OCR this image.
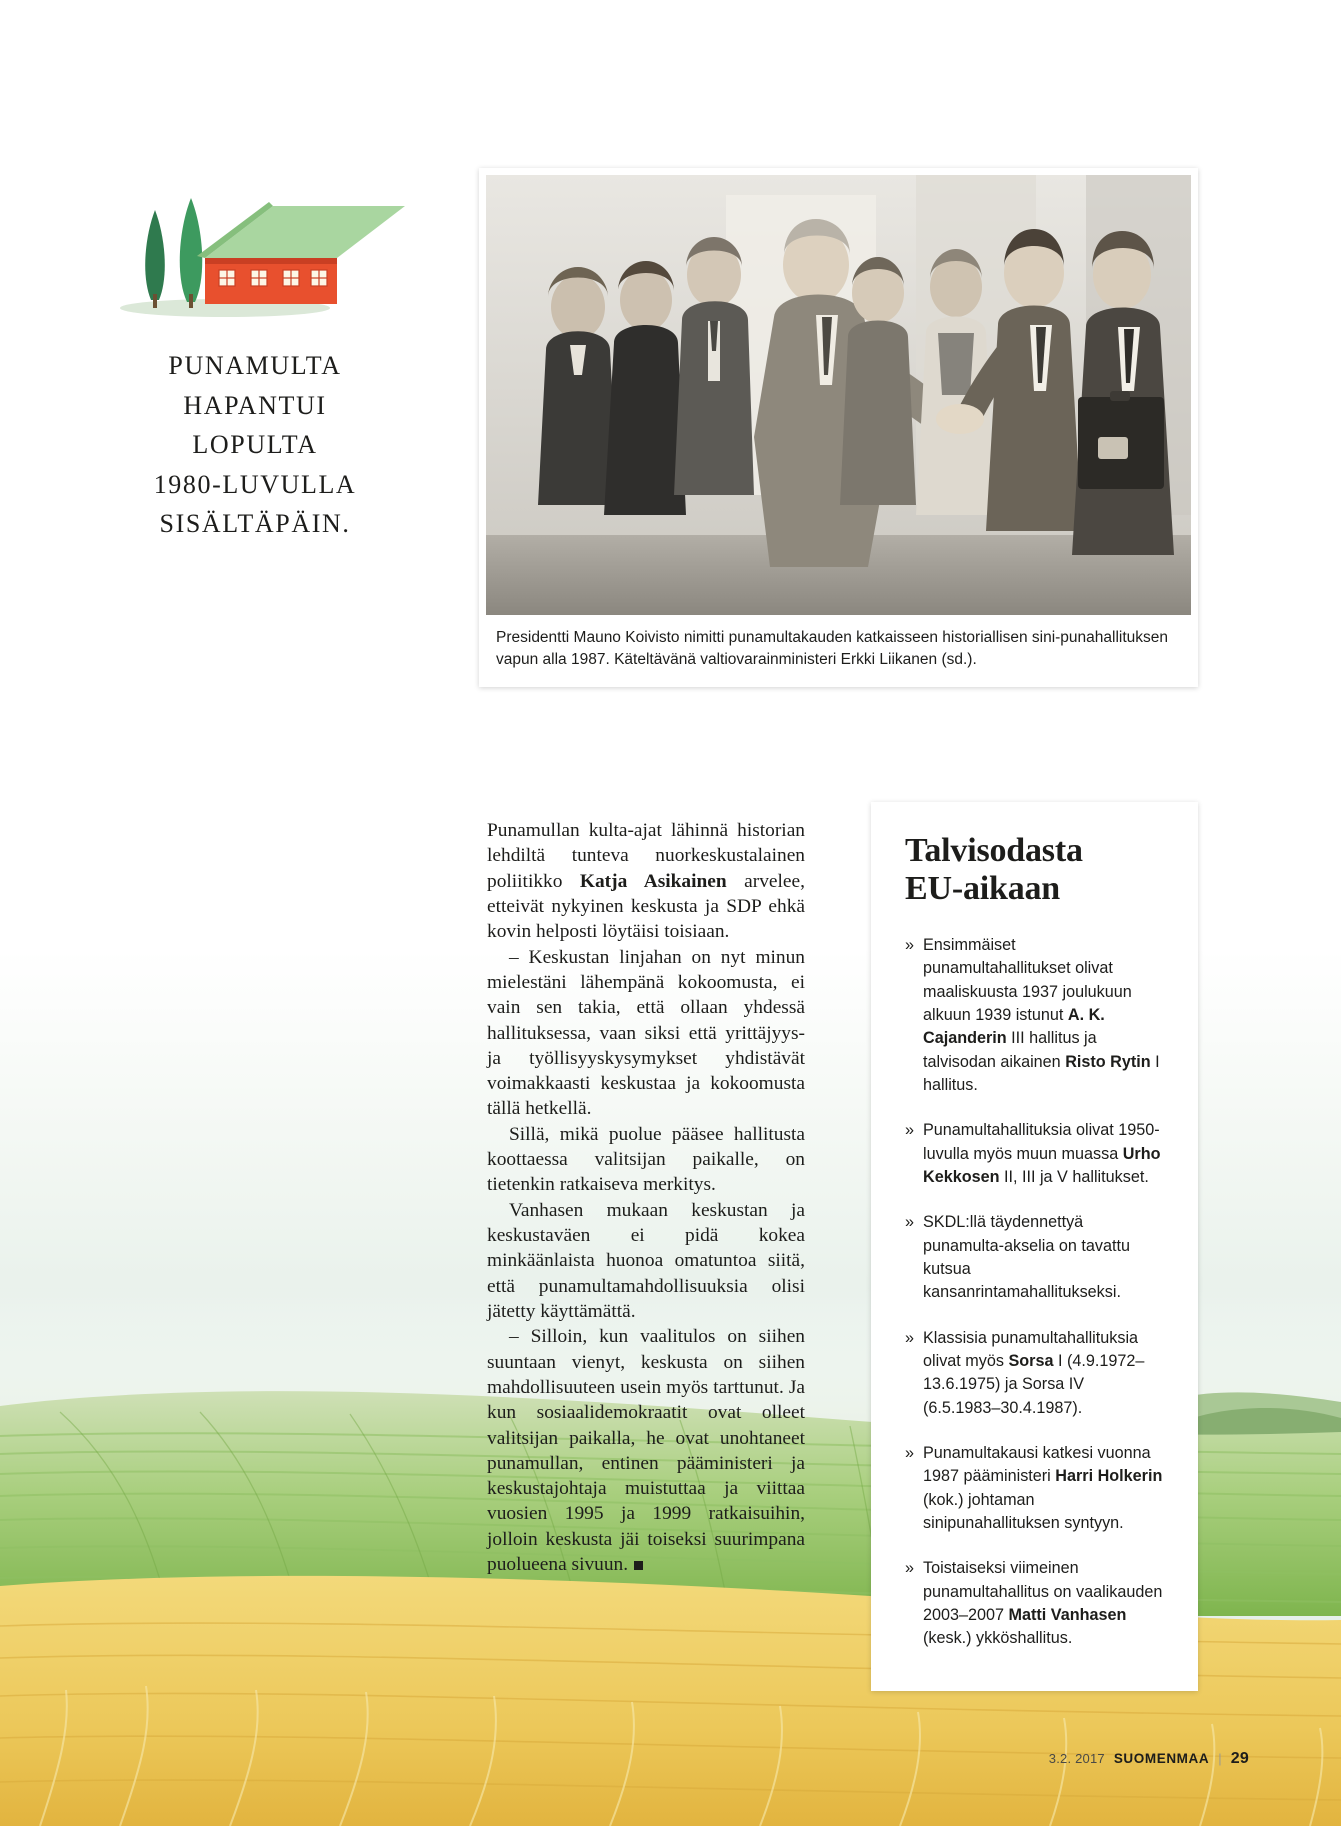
PUNAMULTA
HAPANTUI
LOPULTA
1980-LUVULLA
SISÄLTÄPÄIN.
Presidentti Mauno Koivisto nimitti punamultakauden katkaisseen historiallisen sini-punahallituksen vapun alla 1987. Käteltävänä valtiovarainministeri Erkki Liikanen (sd.).

Punamullan kulta-ajat lähinnä historian lehdiltä tunteva nuorkeskustalainen poliitikko Katja Asikainen arvelee, etteivät nykyinen keskusta ja SDP ehkä kovin helposti löytäisi toisiaan.

– Keskustan linjahan on nyt minun mielestäni lähempänä kokoomusta, ei vain sen takia, että ollaan yhdessä hallituksessa, vaan siksi että yrittäjyys- ja työllisyyskysymykset yhdistävät voimakkaasti keskustaa ja kokoomusta tällä hetkellä.

Sillä, mikä puolue pääsee hallitusta koottaessa valitsijan paikalle, on tietenkin ratkaiseva merkitys.

Vanhasen mukaan keskustan ja keskustaväen ei pidä kokea minkäänlaista huonoa omatuntoa siitä, että punamultamahdollisuuksia olisi jätetty käyttämättä.

– Silloin, kun vaalitulos on siihen suuntaan vienyt, keskusta on siihen mahdollisuuteen usein myös tarttunut. Ja kun sosiaalidemokraatit ovat olleet valitsijan paikalla, he ovat unohtaneet punamullan, entinen pääministeri ja keskustajohtaja muistuttaa ja viittaa vuosien 1995 ja 1999 ratkaisuihin, jolloin keskusta jäi toiseksi suurimpana puolueena sivuun.

Talvisodasta
EU-aikaan
» Ensimmäiset punamultahallitukset olivat maaliskuusta 1937 joulukuun alkuun 1939 istunut A. K. Cajanderin III hallitus ja talvisodan aikainen Risto Rytin I hallitus.
» Punamultahallituksia olivat 1950-luvulla myös muun muassa Urho Kekkosen II, III ja V hallitukset.
» SKDL:llä täydennettyä punamulta-akselia on tavattu kutsua kansanrintamahallitukseksi.
» Klassisia punamultahallituksia olivat myös Sorsa I (4.9.1972–13.6.1975) ja Sorsa IV (6.5.1983–30.4.1987).
» Punamultakausi katkesi vuonna 1987 pääministeri Harri Holkerin (kok.) johtaman sinipunahallituksen syntyyn.
» Toistaiseksi viimeinen punamultahallitus on vaalikauden 2003–2007 Matti Vanhasen (kesk.) ykköshallitus.
3.2. 2017 SUOMENMAA | 29
